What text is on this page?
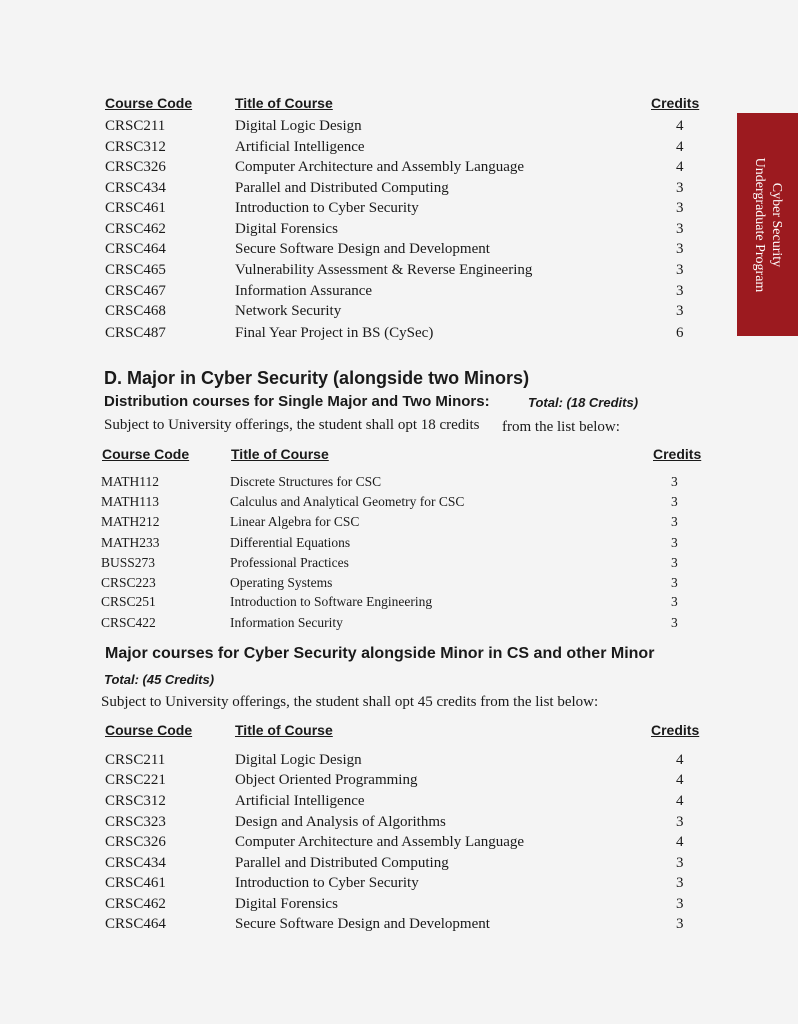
Cyber Security
Undergraduate Program
Course Code	Title of Course	Credits
CRSC211	Digital Logic Design	4
CRSC312	Artificial Intelligence	4
CRSC326	Computer Architecture and Assembly Language	4
CRSC434	Parallel and Distributed Computing	3
CRSC461	Introduction to Cyber Security	3
CRSC462	Digital Forensics	3
CRSC464	Secure Software Design and Development	3
CRSC465	Vulnerability Assessment & Reverse Engineering	3
CRSC467	Information Assurance	3
CRSC468	Network Security	3
CRSC487	Final Year Project in BS (CySec)	6
D. Major in Cyber Security (alongside two Minors)
Distribution courses for Single Major and Two Minors:	Total: (18 Credits)
Subject to University offerings, the student shall opt 18 credits from the list below:
Course Code	Title of Course	Credits
MATH112	Discrete Structures for CSC	3
MATH113	Calculus and Analytical Geometry for CSC	3
MATH212	Linear Algebra for CSC	3
MATH233	Differential Equations	3
BUSS273	Professional Practices	3
CRSC223	Operating Systems	3
CRSC251	Introduction to Software Engineering	3
CRSC422	Information Security	3
Major courses for Cyber Security alongside Minor in CS and other Minor
Total: (45 Credits)
Subject to University offerings, the student shall opt 45 credits from the list below:
Course Code	Title of Course	Credits
CRSC211	Digital Logic Design	4
CRSC221	Object Oriented Programming	4
CRSC312	Artificial Intelligence	4
CRSC323	Design and Analysis of Algorithms	3
CRSC326	Computer Architecture and Assembly Language	4
CRSC434	Parallel and Distributed Computing	3
CRSC461	Introduction to Cyber Security	3
CRSC462	Digital Forensics	3
CRSC464	Secure Software Design and Development	3
